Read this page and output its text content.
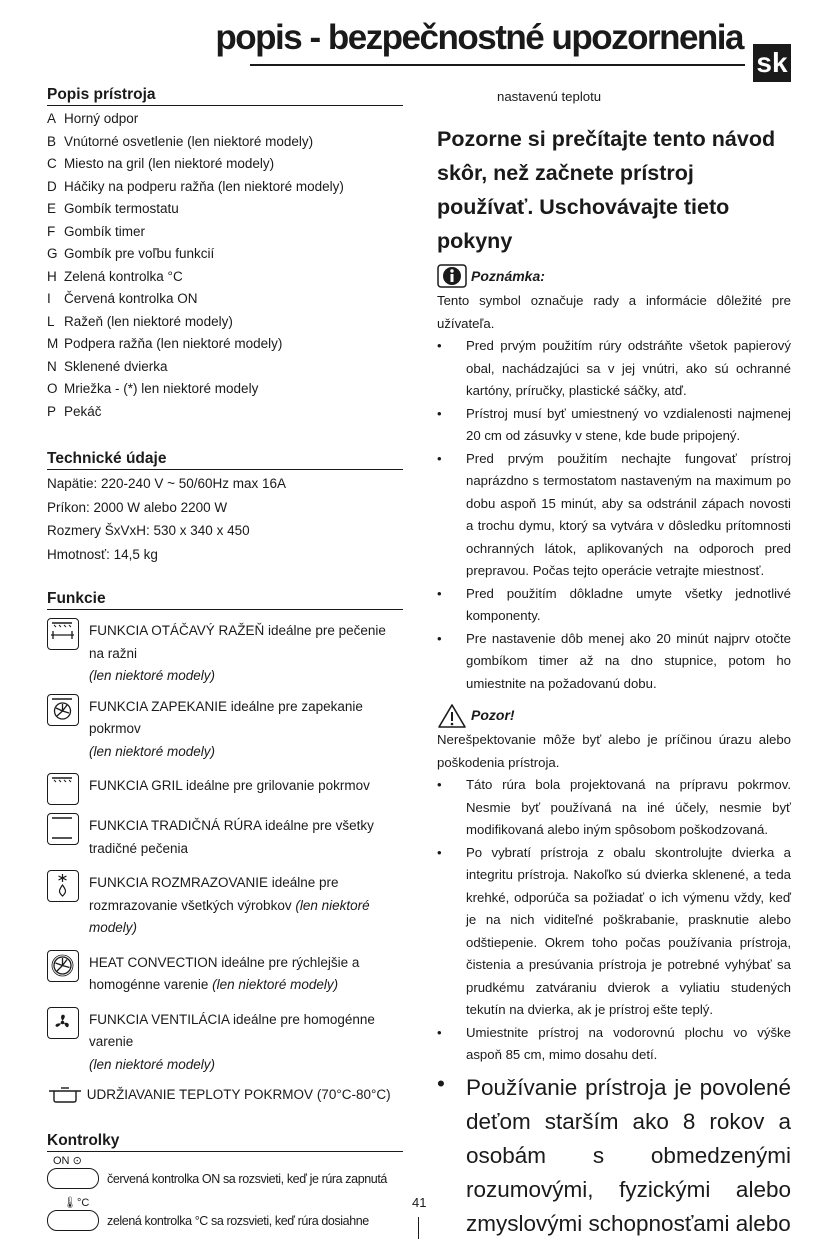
popis - bezpečnostné upozornenia
sk
Popis prístroja
A Horný odpor
B Vnútorné osvetlenie (len niektoré modely)
C Miesto na gril (len niektoré modely)
D Háčiky na podperu ražňa (len niektoré modely)
E Gombík termostatu
F Gombík timer
G Gombík pre voľbu funkcií
H Zelená kontrolka °C
I Červená kontrolka ON
L Ražeň (len niektoré modely)
M Podpera ražňa (len niektoré modely)
N Sklenené dvierka
O Mriežka - (*) len niektoré modely
P Pekáč
Technické údaje
Napätie: 220-240 V ~ 50/60Hz max 16A
Príkon: 2000 W alebo 2200 W
Rozmery ŠxVxH: 530 x 340 x 450
Hmotnosť: 14,5 kg
Funkcie
FUNKCIA OTÁČAVÝ RAŽEŇ ideálne pre pečenie na ražni
(len niektoré modely)
FUNKCIA ZAPEKANIE ideálne pre zapekanie pokrmov
(len niektoré modely)
FUNKCIA GRIL ideálne pre grilovanie pokrmov
FUNKCIA TRADIČNÁ RÚRA ideálne pre všetky tradičné pečenia
FUNKCIA ROZMRAZOVANIE ideálne pre rozmrazovanie všetkých výrobkov (len niektoré modely)
HEAT CONVECTION ideálne pre rýchlejšie a homogénne varenie (len niektoré modely)
FUNKCIA VENTILÁCIA ideálne pre homogénne varenie
(len niektoré modely)
UDRŽIAVANIE TEPLOTY POKRMOV (70°C-80°C)
Kontrolky
ON ⊙
červená kontrolka ON sa rozsvieti, keď je rúra zapnutá
🌡︎°C
zelená kontrolka °C sa rozsvieti, keď rúra dosiahne
nastavenú teplotu
Pozorne si prečítajte tento návod skôr, než začnete prístroj používať. Uschovávajte tieto pokyny
Poznámka:

Tento symbol označuje rady a informácie dôležité pre užívateľa.

• Pred prvým použitím rúry odstráňte všetok papierový obal, nachádzajúci sa v jej vnútri, ako sú ochranné kartóny, príručky, plastické sáčky, atď.
• Prístroj musí byť umiestnený vo vzdialenosti najmenej 20 cm od zásuvky v stene, kde bude pripojený.
• Pred prvým použitím nechajte fungovať prístroj naprázdno s termostatom nastaveným na maximum po dobu aspoň 15 minút, aby sa odstránil zápach novosti a trochu dymu, ktorý sa vytvára v dôsledku prítomnosti ochranných látok, aplikovaných na odporoch pred prepravou. Počas tejto operácie vetrajte miestnosť.
• Pred použitím dôkladne umyte všetky jednotlivé komponenty.
• Pre nastavenie dôb menej ako 20 minút najprv otočte gombíkom timer až na dno stupnice, potom ho umiestnite na požadovanú dobu.
Pozor!

Nerešpektovanie môže byť alebo je príčinou úrazu alebo poškodenia prístroja.

• Táto rúra bola projektovaná na prípravu pokrmov. Nesmie byť používaná na iné účely, nesmie byť modifikovaná alebo iným spôsobom poškodzovaná.
• Po vybratí prístroja z obalu skontrolujte dvierka a integritu prístroja. Nakoľko sú dvierka sklenené, a teda krehké, odporúča sa požiadať o ich výmenu vždy, keď je na nich viditeľné poškrabanie, prasknutie alebo odštiepenie. Okrem toho počas používania prístroja, čistenia a presúvania prístroja je potrebné vyhýbať sa prudkému zatváraniu dvierok a vyliatiu studených tekutín na dvierka, ak je prístroj ešte teplý.
• Umiestnite prístroj na vodorovnú plochu vo výške aspoň 85 cm, mimo dosahu detí.
• Používanie prístroja je povolené deťom starším ako 8 rokov a osobám s obmedzenými rozumovými, fyzickými alebo zmyslovými schopnosťami alebo
41
